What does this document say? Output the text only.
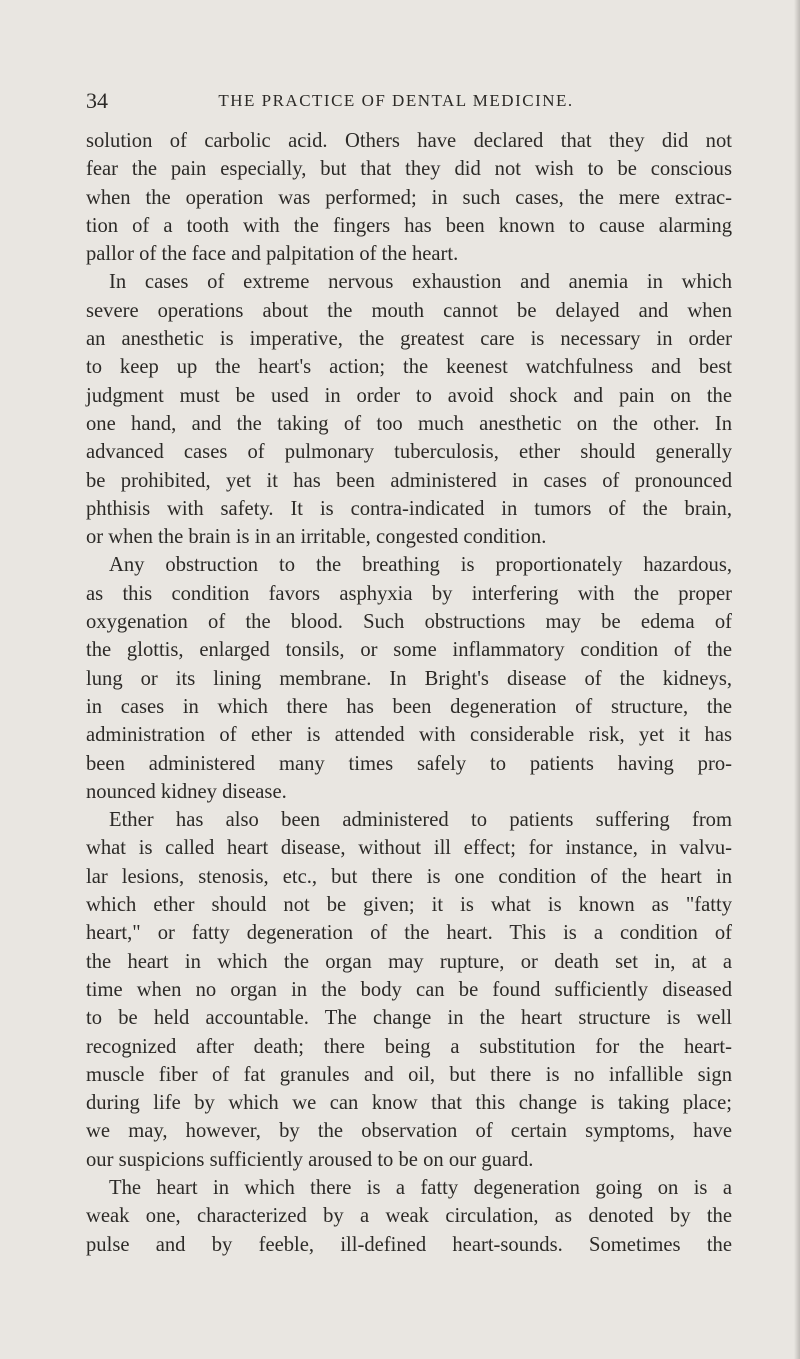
34	THE PRACTICE OF DENTAL MEDICINE.
solution of carbolic acid. Others have declared that they did not
fear the pain especially, but that they did not wish to be conscious
when the operation was performed; in such cases, the mere extrac-
tion of a tooth with the fingers has been known to cause alarming
pallor of the face and palpitation of the heart.
In cases of extreme nervous exhaustion and anemia in which
severe operations about the mouth cannot be delayed and when
an anesthetic is imperative, the greatest care is necessary in order
to keep up the heart's action; the keenest watchfulness and best
judgment must be used in order to avoid shock and pain on the
one hand, and the taking of too much anesthetic on the other. In
advanced cases of pulmonary tuberculosis, ether should generally
be prohibited, yet it has been administered in cases of pronounced
phthisis with safety. It is contra-indicated in tumors of the brain,
or when the brain is in an irritable, congested condition.
Any obstruction to the breathing is proportionately hazardous,
as this condition favors asphyxia by interfering with the proper
oxygenation of the blood. Such obstructions may be edema of
the glottis, enlarged tonsils, or some inflammatory condition of the
lung or its lining membrane. In Bright's disease of the kidneys,
in cases in which there has been degeneration of structure, the
administration of ether is attended with considerable risk, yet it has
been administered many times safely to patients having pro-
nounced kidney disease.
Ether has also been administered to patients suffering from
what is called heart disease, without ill effect; for instance, in valvu-
lar lesions, stenosis, etc., but there is one condition of the heart in
which ether should not be given; it is what is known as "fatty
heart," or fatty degeneration of the heart. This is a condition of
the heart in which the organ may rupture, or death set in, at a
time when no organ in the body can be found sufficiently diseased
to be held accountable. The change in the heart structure is well
recognized after death; there being a substitution for the heart-
muscle fiber of fat granules and oil, but there is no infallible sign
during life by which we can know that this change is taking place;
we may, however, by the observation of certain symptoms, have
our suspicions sufficiently aroused to be on our guard.
The heart in which there is a fatty degeneration going on is a
weak one, characterized by a weak circulation, as denoted by the
pulse and by feeble, ill-defined heart-sounds. Sometimes the
